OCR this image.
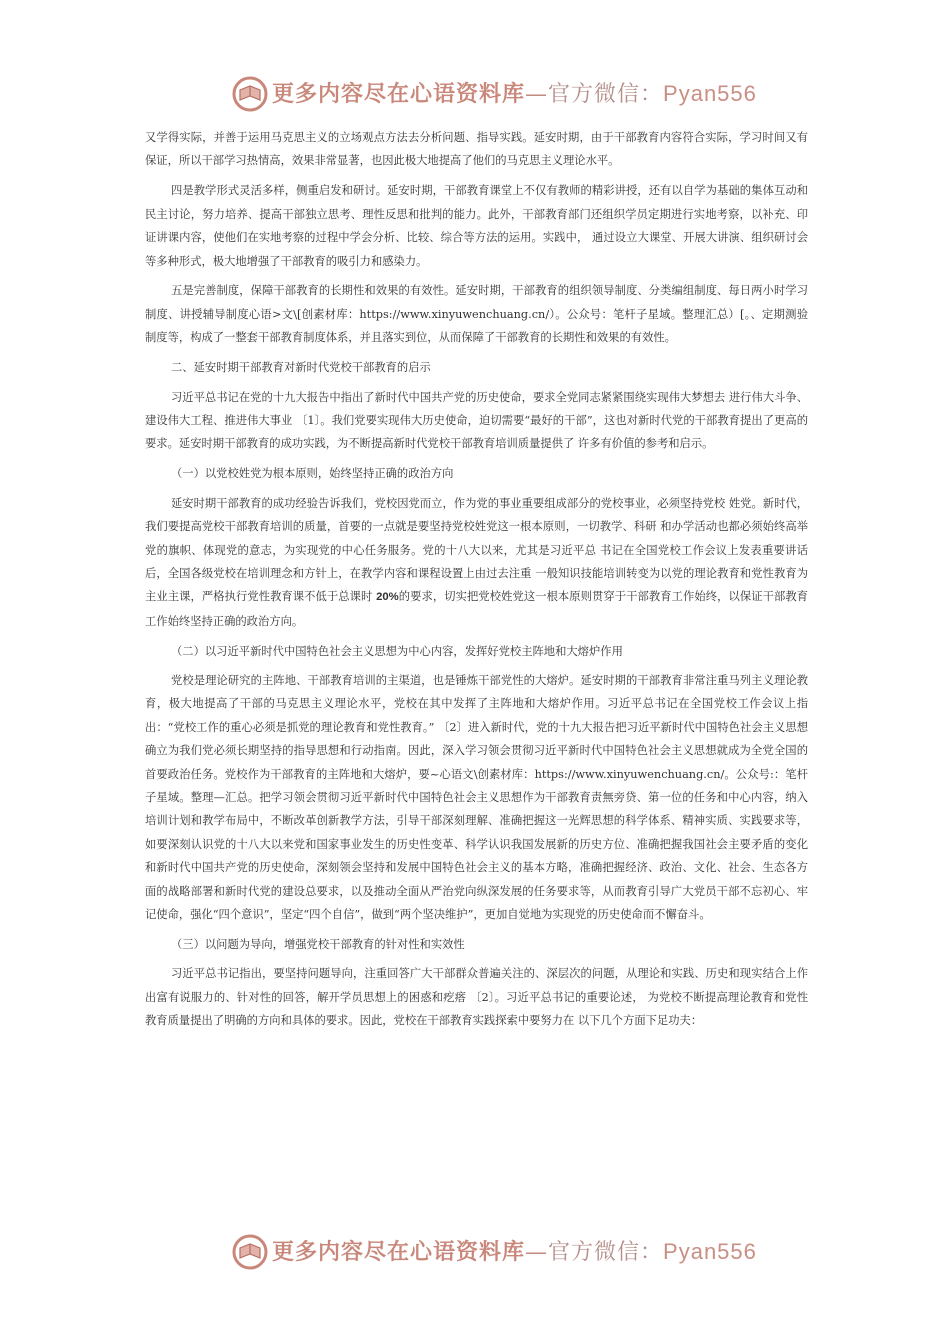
更多内容尽在心语资料库—官方微信：Pyan556

又学得实际，并善于运用马克思主义的立场观点方法去分析问题、指导实践。延安时期，由于干部教育内容符合实际，学习时间又有保证，所以干部学习热情高，效果非常显著，也因此极大地提高了他们的马克思主义理论水平。

四是教学形式灵活多样，侧重启发和研讨。延安时期，干部教育课堂上不仅有教师的精彩讲授，还有以自学为基础的集体互动和民主讨论，努力培养、提高干部独立思考、理性反思和批判的能力。此外，干部教育部门还组织学员定期进行实地考察，以补充、印证讲课内容，使他们在实地考察的过程中学会分析、比较、综合等方法的运用。实践中， 通过设立大课堂、开展大讲演、组织研讨会等多种形式，极大地增强了干部教育的吸引力和感染力。

五是完善制度，保障干部教育的长期性和效果的有效性。延安时期，干部教育的组织领导制度、分类编组制度、每日两小时学习制度、讲授辅导制度心语>文\[创素材库：https://www.xinyuwenchuang.cn/）。公众号：笔杆子星域。整理汇总）[。、定期测验制度等，构成了一整套干部教育制度体系，并且落实到位，从而保障了干部教育的长期性和效果的有效性。

二、延安时期干部教育对新时代党校干部教育的启示

习近平总书记在党的十九大报告中指出了新时代中国共产党的历史使命，要求全党同志紧紧围绕实现伟大梦想去 进行伟大斗争、建设伟大工程、推进伟大事业 〔1〕。我们党要实现伟大历史使命，迫切需要“最好的干部”，这也对新时代党的干部教育提出了更高的要求。延安时期干部教育的成功实践，为不断提高新时代党校干部教育培训质量提供了 许多有价值的参考和启示。

（一）以党校姓党为根本原则，始终坚持正确的政治方向

延安时期干部教育的成功经验告诉我们，党校因党而立，作为党的事业重要组成部分的党校事业，必须坚持党校 姓党。新时代，我们要提高党校干部教育培训的质量，首要的一点就是要坚持党校姓党这一根本原则，一切教学、科研 和办学活动也都必须始终高举党的旗帜、体现党的意志，为实现党的中心任务服务。党的十八大以来，尤其是习近平总 书记在全国党校工作会议上发表重要讲话后，全国各级党校在培训理念和方针上，在教学内容和课程设置上由过去注重 一般知识技能培训转变为以党的理论教育和党性教育为主业主课，严格执行党性教育课不低于总课时 20%的要求，切实把党校姓党这一根本原则贯穿于干部教育工作始终，以保证干部教育工作始终坚持正确的政治方向。

（二）以习近平新时代中国特色社会主义思想为中心内容，发挥好党校主阵地和大熔炉作用

党校是理论研究的主阵地、干部教育培训的主渠道，也是锤炼干部党性的大熔炉。延安时期的干部教育非常注重马列主义理论教育，极大地提高了干部的马克思主义理论水平，党校在其中发挥了主阵地和大熔炉作用。习近平总书记在全国党校工作会议上指出：“党校工作的重心必须是抓党的理论教育和党性教育。” 〔2〕进入新时代，党的十九大报告把习近平新时代中国特色社会主义思想确立为我们党必须长期坚持的指导思想和行动指南。因此，深入学习领会贯彻习近平新时代中国特色社会主义思想就成为全党全国的首要政治任务。党校作为干部教育的主阵地和大熔炉，要~心语文\创素材库：https://www.xinyuwenchuang.cn/。公众号:：笔杆子星域。整理—汇总。把学习领会贯彻习近平新时代中国特色社会主义思想作为干部教育责無旁贷、第一位的任务和中心内容，纳入培训计划和教学布局中，不断改革创新教学方法，引导干部深刻理解、准确把握这一光辉思想的科学体系、精神实质、实践要求等，如要深刻认识党的十八大以来党和国家事业发生的历史性变革、科学认识我国发展新的历史方位、准确把握我国社会主要矛盾的变化和新时代中国共产党的历史使命，深刻领会坚持和发展中国特色社会主义的基本方略，准确把握经济、政治、文化、社会、生态各方面的战略部署和新时代党的建设总要求，以及推动全面从严治党向纵深发展的任务要求等，从而教育引导广大党员干部不忘初心、牢记使命，强化“四个意识”，坚定“四个自信”，做到“两个坚决维护”，更加自觉地为实现党的历史使命而不懈奋斗。

（三）以问题为导向，增强党校干部教育的针对性和实效性

习近平总书记指出，要坚持问题导向，注重回答广大干部群众普遍关注的、深层次的问题，从理论和实践、历史和现实结合上作出富有说服力的、针对性的回答，解开学员思想上的困惑和疙瘩 〔2〕。习近平总书记的重要论述， 为党校不断提高理论教育和党性教育质量提出了明确的方向和具体的要求。因此，党校在干部教育实践探索中要努力在 以下几个方面下足功夫：

更多内容尽在心语资料库—官方微信：Pyan556
